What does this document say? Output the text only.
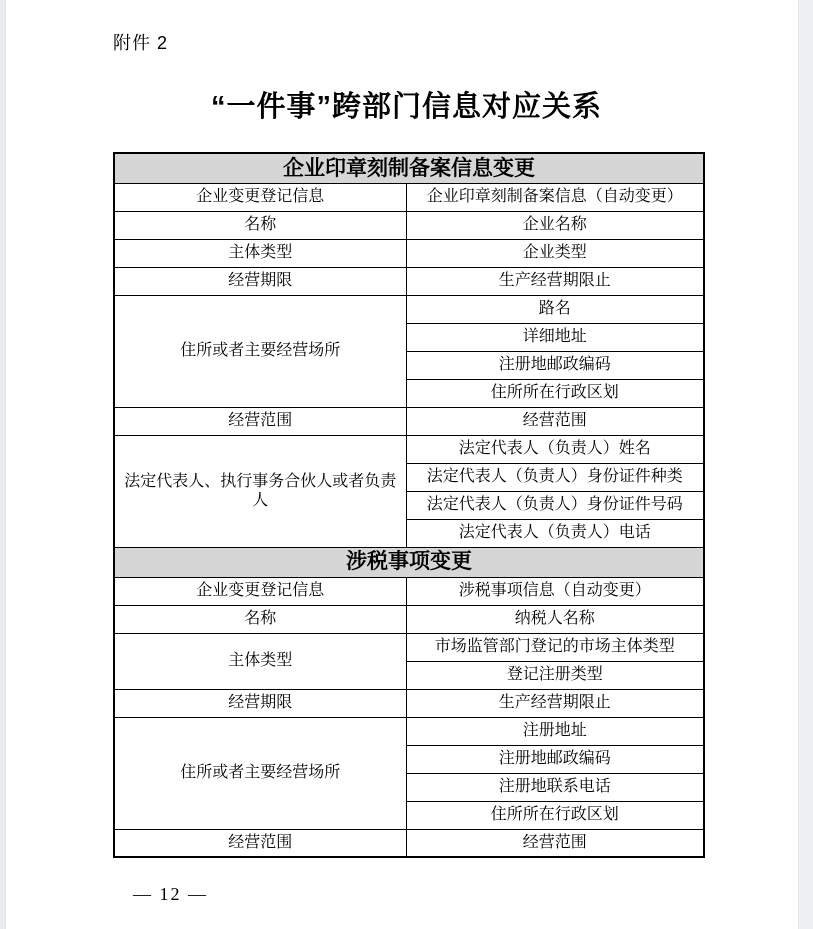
附件 2
“一件事”跨部门信息对应关系
企业印章刻制备案信息变更	
企业变更登记信息	企业印章刻制备案信息（自动变更）
名称	企业名称
主体类型	企业类型
经营期限	生产经营期限止
住所或者主要经营场所	路名
	详细地址
	注册地邮政编码
	住所所在行政区划
经营范围	经营范围
法定代表人、执行事务合伙人或者负责人	法定代表人（负责人）姓名
	法定代表人（负责人）身份证件种类
	法定代表人（负责人）身份证件号码
	法定代表人（负责人）电话
涉税事项变更	
企业变更登记信息	涉税事项信息（自动变更）
名称	纳税人名称
主体类型	市场监管部门登记的市场主体类型
	登记注册类型
经营期限	生产经营期限止
住所或者主要经营场所	注册地址
	注册地邮政编码
	注册地联系电话
	住所所在行政区划
经营范围	经营范围
— 12 —
